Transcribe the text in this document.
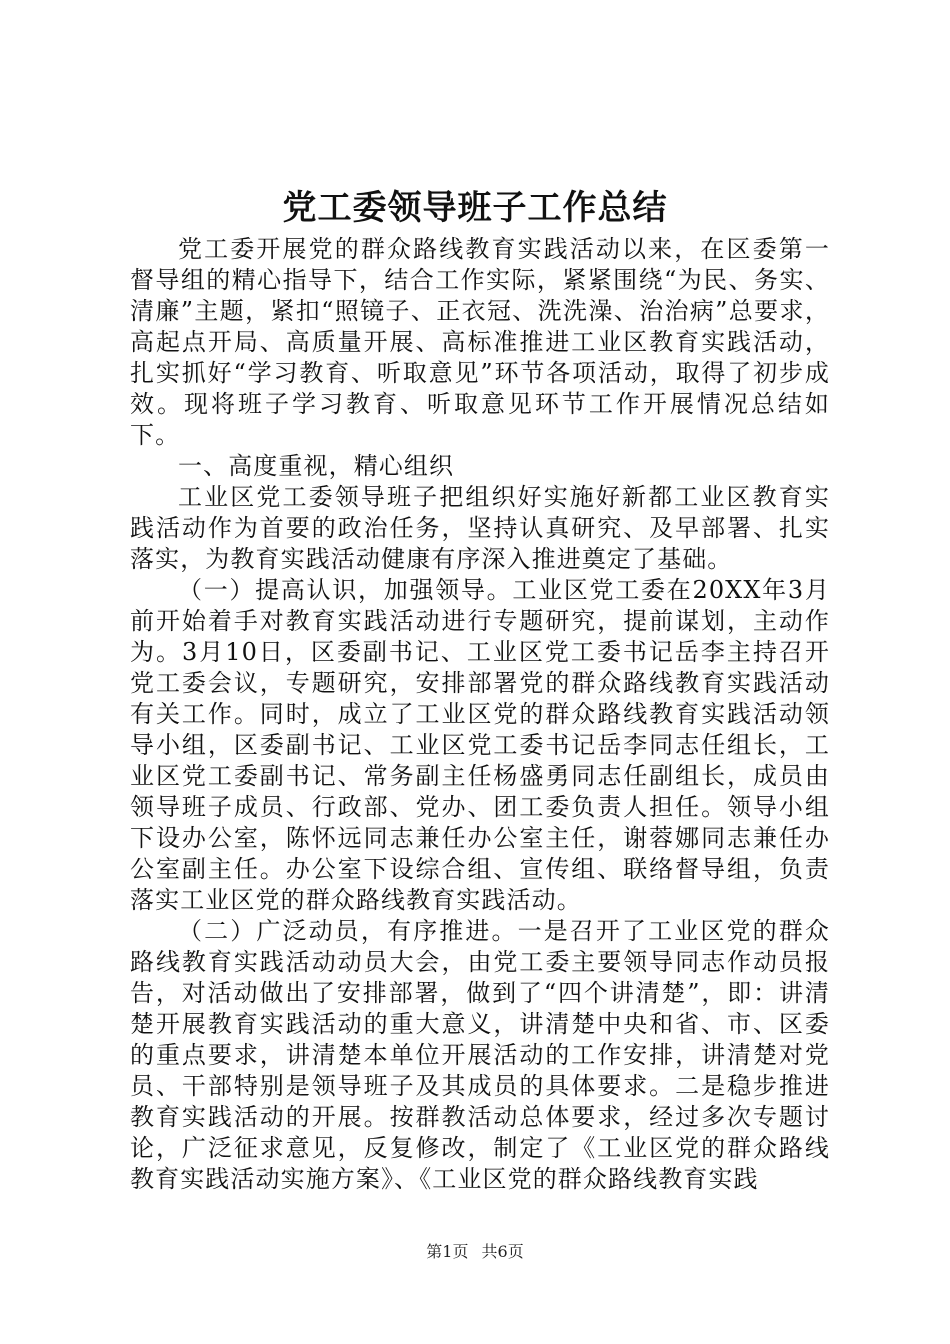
党工委领导班子工作总结

党工委开展党的群众路线教育实践活动以来，在区委第一督导组的精心指导下，结合工作实际，紧紧围绕“为民、务实、清廉”主题，紧扣“照镜子、正衣冠、洗洗澡、治治病”总要求，高起点开局、高质量开展、高标准推进工业区教育实践活动，扎实抓好“学习教育、听取意见”环节各项活动，取得了初步成效。现将班子学习教育、听取意见环节工作开展情况总结如下。

一、高度重视，精心组织

工业区党工委领导班子把组织好实施好新都工业区教育实践活动作为首要的政治任务，坚持认真研究、及早部署、扎实落实，为教育实践活动健康有序深入推进奠定了基础。

（一）提高认识，加强领导。工业区党工委在20XX年3月前开始着手对教育实践活动进行专题研究，提前谋划，主动作为。3月10日，区委副书记、工业区党工委书记岳李主持召开党工委会议，专题研究，安排部署党的群众路线教育实践活动有关工作。同时，成立了工业区党的群众路线教育实践活动领导小组，区委副书记、工业区党工委书记岳李同志任组长，工业区党工委副书记、常务副主任杨盛勇同志任副组长，成员由领导班子成员、行政部、党办、团工委负责人担任。领导小组下设办公室，陈怀远同志兼任办公室主任，谢蓉娜同志兼任办公室副主任。办公室下设综合组、宣传组、联络督导组，负责落实工业区党的群众路线教育实践活动。

（二）广泛动员，有序推进。一是召开了工业区党的群众路线教育实践活动动员大会，由党工委主要领导同志作动员报告，对活动做出了安排部署，做到了“四个讲清楚”，即：讲清楚开展教育实践活动的重大意义，讲清楚中央和省、市、区委的重点要求，讲清楚本单位开展活动的工作安排，讲清楚对党员、干部特别是领导班子及其成员的具体要求。二是稳步推进教育实践活动的开展。按群教活动总体要求，经过多次专题讨论，广泛征求意见，反复修改，制定了《工业区党的群众路线教育实践活动实施方案》、《工业区党的群众路线教育实践

第1页 共6页
